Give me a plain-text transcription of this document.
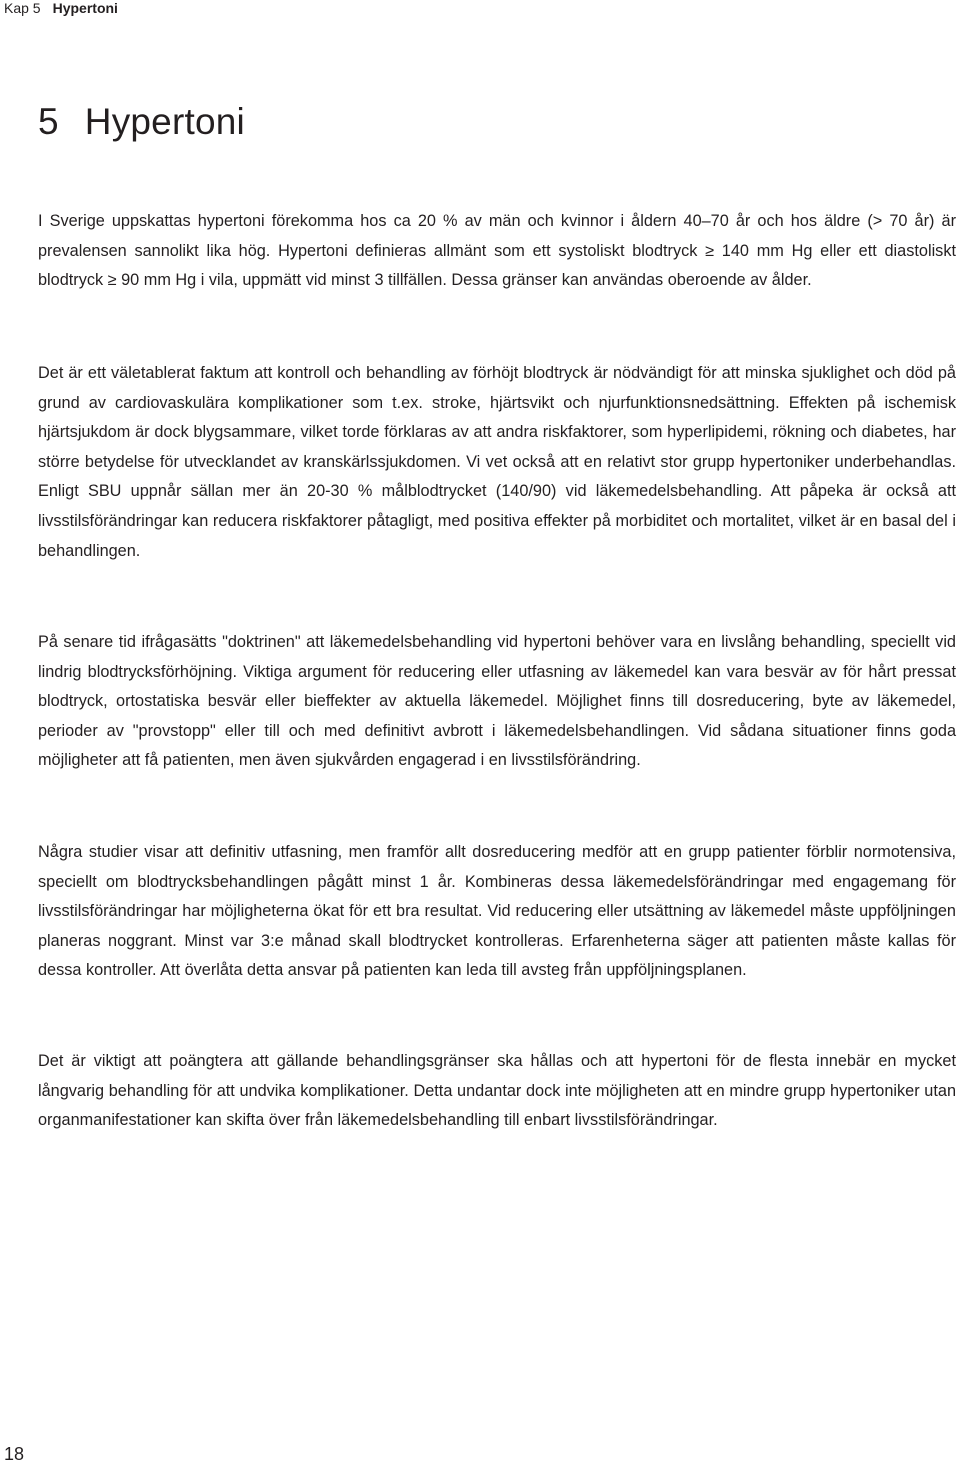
Kap 5 Hypertoni
5 Hypertoni

I Sverige uppskattas hypertoni förekomma hos ca 20 % av män och kvinnor i åldern 40–70 år och hos äldre (> 70 år) är prevalensen sannolikt lika hög. Hypertoni definieras allmänt som ett systoliskt blodtryck ≥ 140 mm Hg eller ett diastoliskt blodtryck ≥ 90 mm Hg i vila, uppmätt vid minst 3 tillfällen. Dessa gränser kan användas oberoende av ålder.

Det är ett väletablerat faktum att kontroll och behandling av förhöjt blodtryck är nödvändigt för att minska sjuklighet och död på grund av cardiovaskulära komplikationer som t.ex. stroke, hjärtsvikt och njurfunktionsnedsättning. Effekten på ischemisk hjärtsjukdom är dock blygsammare, vilket torde förklaras av att andra riskfaktorer, som hyperlipidemi, rökning och diabetes, har större betydelse för utvecklandet av kranskärlssjukdomen. Vi vet också att en relativt stor grupp hypertoniker underbehandlas. Enligt SBU uppnår sällan mer än 20-30 % målblodtrycket (140/90) vid läkemedelsbehandling. Att påpeka är också att livsstilsförändringar kan reducera riskfaktorer påtagligt, med positiva effekter på morbiditet och mortalitet, vilket är en basal del i behandlingen.

På senare tid ifrågasätts "doktrinen" att läkemedelsbehandling vid hypertoni behöver vara en livslång behandling, speciellt vid lindrig blodtrycksförhöjning. Viktiga argument för reducering eller utfasning av läkemedel kan vara besvär av för hårt pressat blodtryck, ortostatiska besvär eller bieffekter av aktuella läkemedel. Möjlighet finns till dosreducering, byte av läkemedel, perioder av "provstopp" eller till och med definitivt avbrott i läkemedelsbehandlingen. Vid sådana situationer finns goda möjligheter att få patienten, men även sjukvården engagerad i en livsstilsförändring.

Några studier visar att definitiv utfasning, men framför allt dosreducering medför att en grupp patienter förblir normotensiva, speciellt om blodtrycksbehandlingen pågått minst 1 år. Kombineras dessa läkemedelsförändringar med engagemang för livsstilsförändringar har möjligheterna ökat för ett bra resultat. Vid reducering eller utsättning av läkemedel måste uppföljningen planeras noggrant. Minst var 3:e månad skall blodtrycket kontrolleras. Erfarenheterna säger att patienten måste kallas för dessa kontroller. Att överlåta detta ansvar på patienten kan leda till avsteg från uppföljningsplanen.

Det är viktigt att poängtera att gällande behandlingsgränser ska hållas och att hypertoni för de flesta innebär en mycket långvarig behandling för att undvika komplikationer. Detta undantar dock inte möjligheten att en mindre grupp hypertoniker utan organmanifestationer kan skifta över från läkemedelsbehandling till enbart livsstilsförändringar.

18
